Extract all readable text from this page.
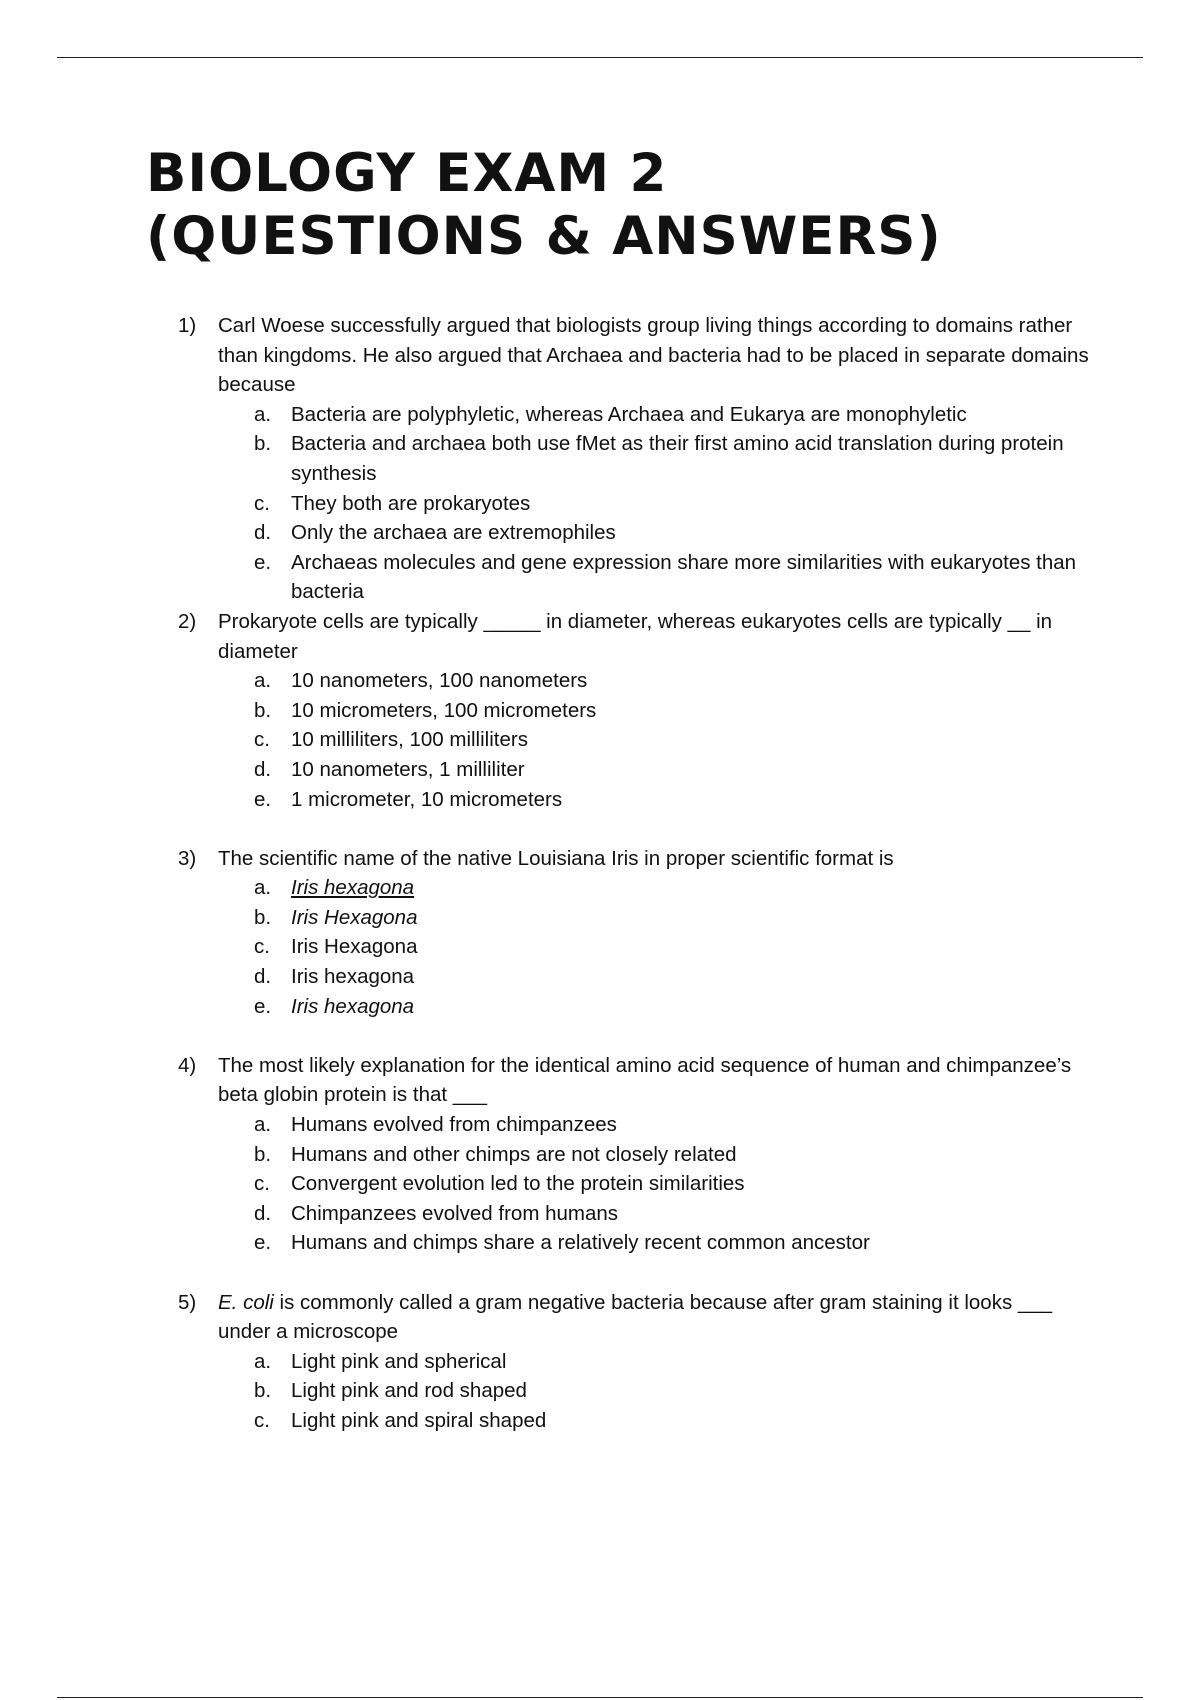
BIOLOGY EXAM 2
(QUESTIONS & ANSWERS)
1) Carl Woese successfully argued that biologists group living things according to domains rather than kingdoms. He also argued that Archaea and bacteria had to be placed in separate domains because
a. Bacteria are polyphyletic, whereas Archaea and Eukarya are monophyletic
b. Bacteria and archaea both use fMet as their first amino acid translation during protein synthesis
c. They both are prokaryotes
d. Only the archaea are extremophiles
e. Archaeas molecules and gene expression share more similarities with eukaryotes than bacteria
2) Prokaryote cells are typically _____ in diameter, whereas eukaryotes cells are typically __ in diameter
a. 10 nanometers, 100 nanometers
b. 10 micrometers, 100 micrometers
c. 10 milliliters, 100 milliliters
d. 10 nanometers, 1 milliliter
e. 1 micrometer, 10 micrometers
3) The scientific name of the native Louisiana Iris in proper scientific format is
a. Iris hexagona
b. Iris Hexagona
c. Iris Hexagona
d. Iris hexagona
e. Iris hexagona
4) The most likely explanation for the identical amino acid sequence of human and chimpanzee’s beta globin protein is that ___
a. Humans evolved from chimpanzees
b. Humans and other chimps are not closely related
c. Convergent evolution led to the protein similarities
d. Chimpanzees evolved from humans
e. Humans and chimps share a relatively recent common ancestor
5) E. coli is commonly called a gram negative bacteria because after gram staining it looks ___ under a microscope
a. Light pink and spherical
b. Light pink and rod shaped
c. Light pink and spiral shaped
